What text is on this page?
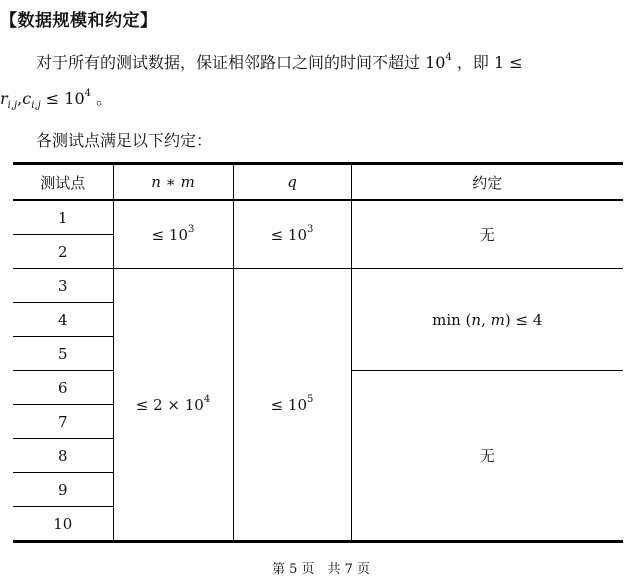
【数据规模和约定】
对于所有的测试数据，保证相邻路口之间的时间不超过 $10^4$ ，即 1 ≤
$r_{i,j},c_{i,j} \le 10^4$ 。
各测试点满足以下约定：
测试点	n ∗ m	q	约定
1	≤ $10^3$	≤ $10^3$	无
2			
3	≤ $2 \times 10^4$	≤ $10^5$	min (n, m) ≤ 4
4			
5			
6			无
7			
8			
9			
10			
第 5 页　共 7 页
